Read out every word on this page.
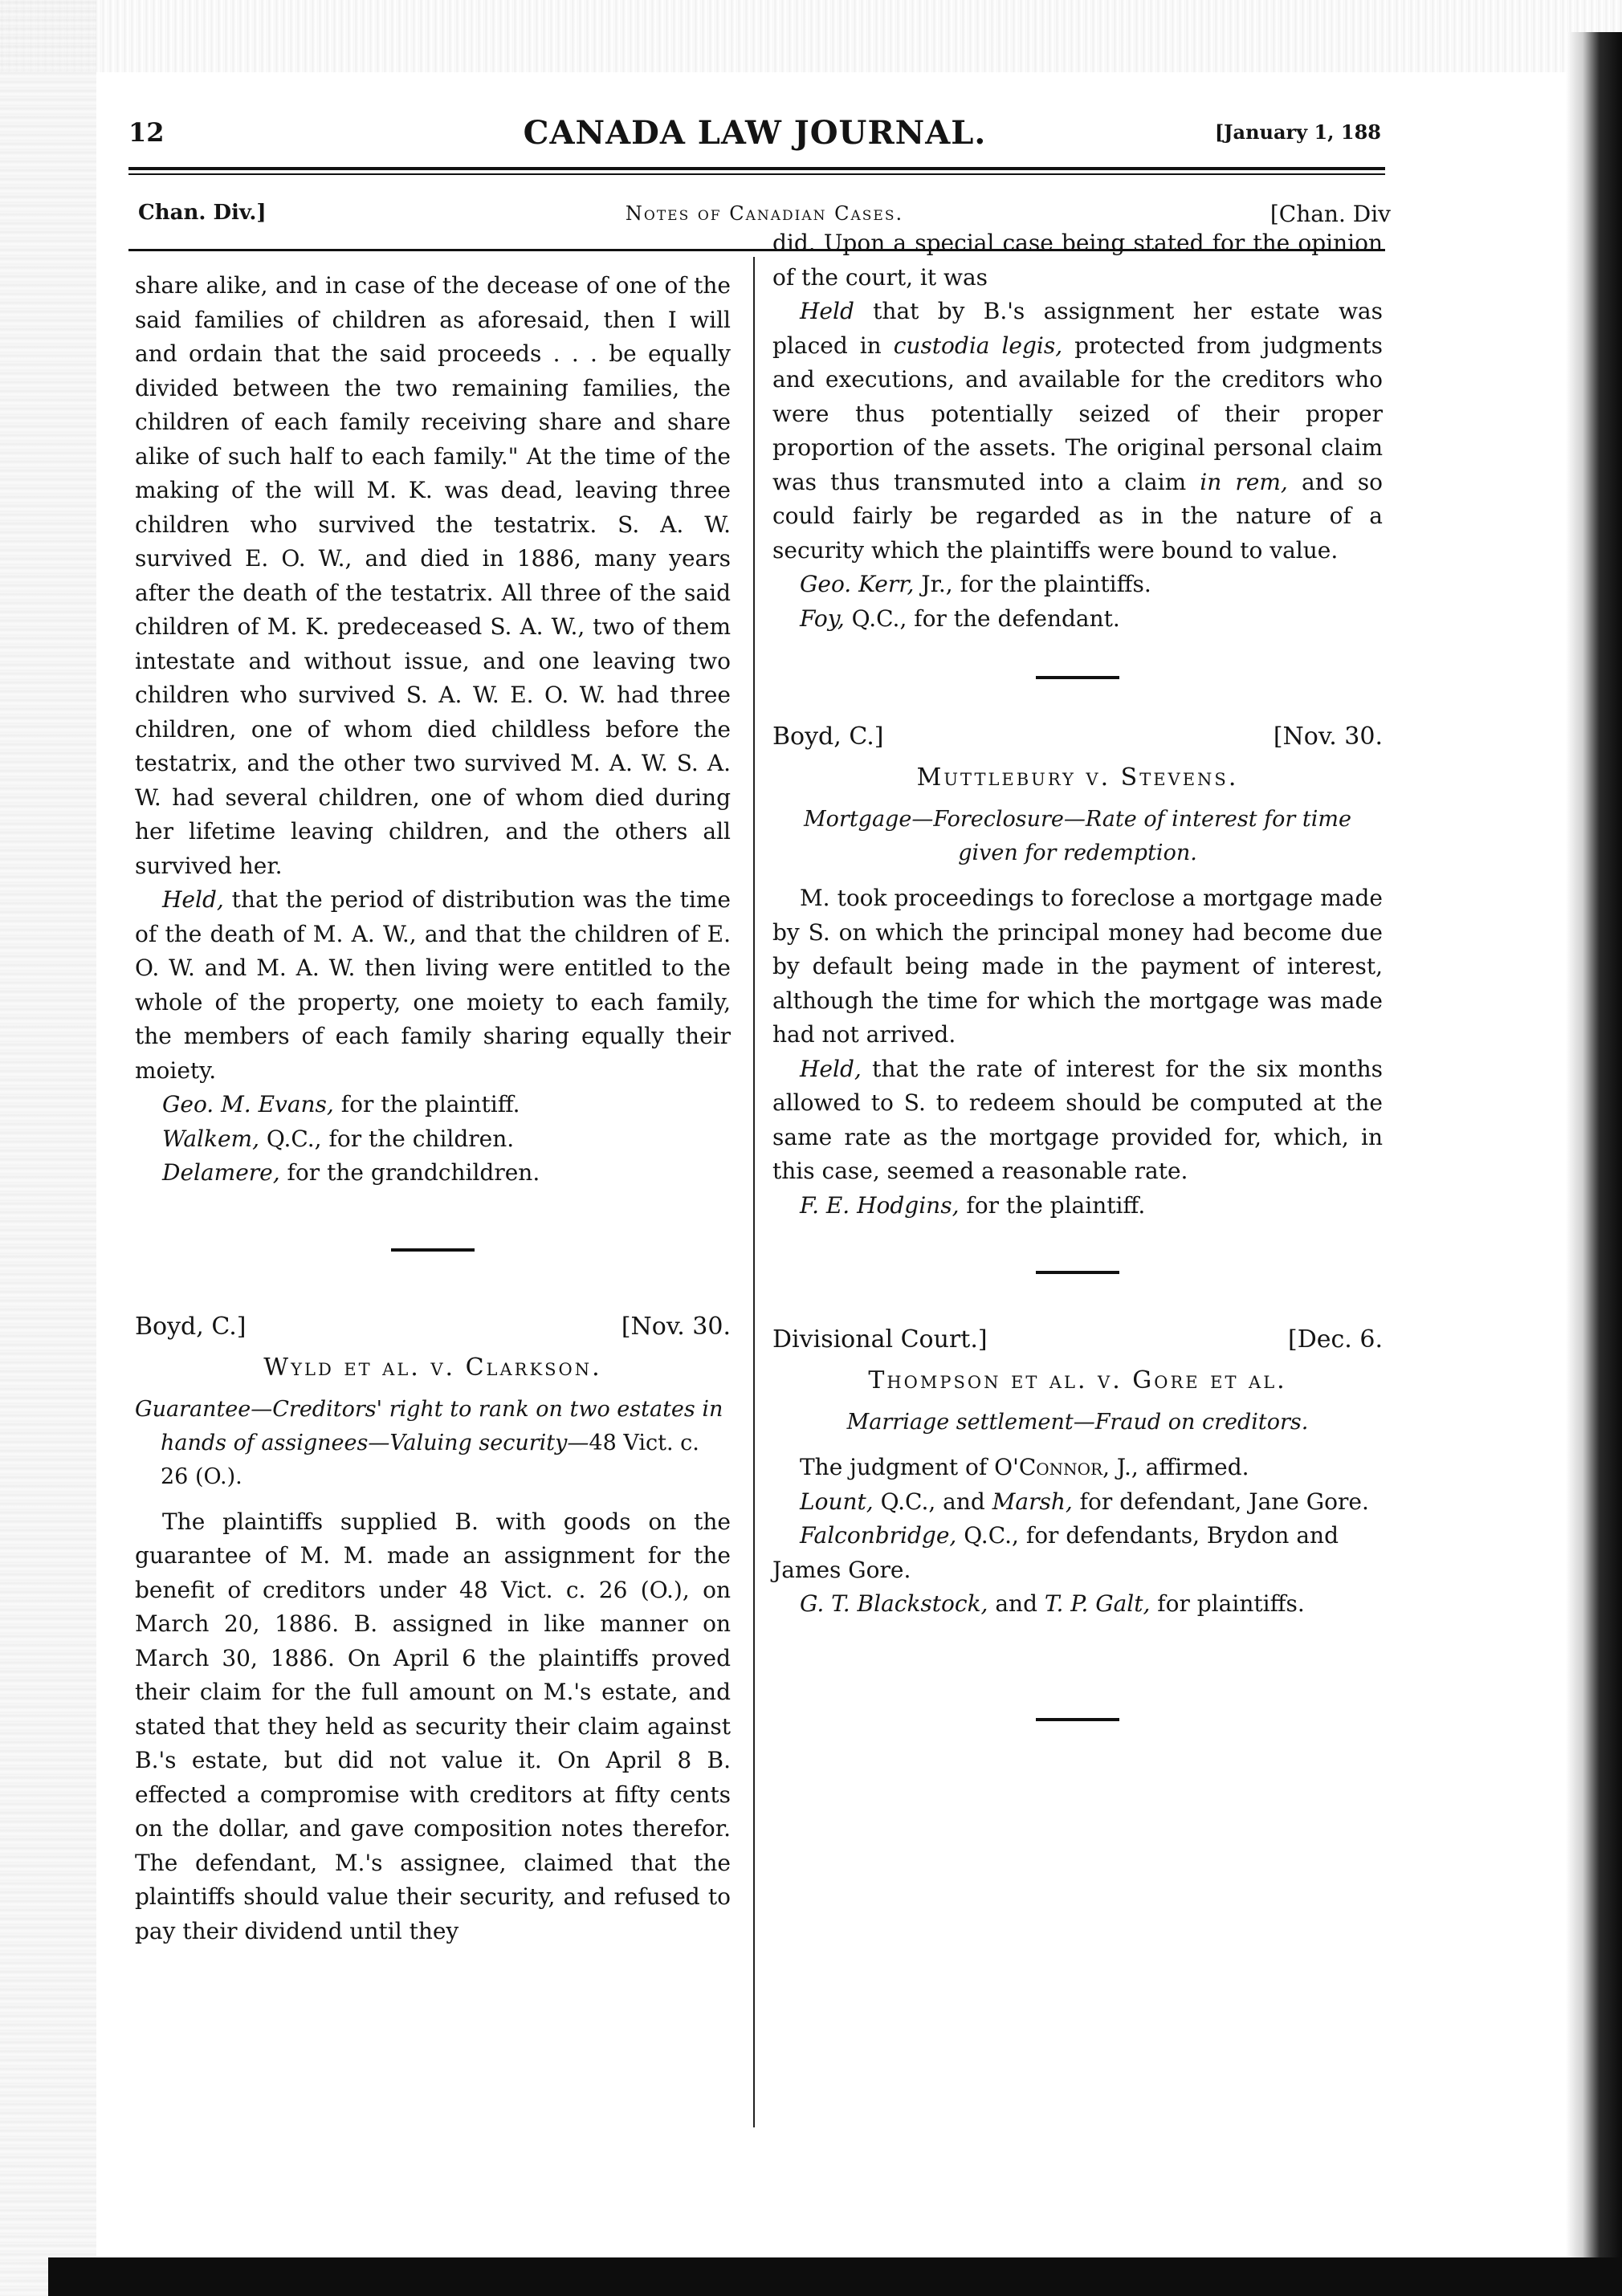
12	CANADA LAW JOURNAL.	[January 1, 188
Chan. Div.]	Notes of Canadian Cases.	[Chan. Div

share alike, and in case of the decease of one of the said families of children as aforesaid, then I will and ordain that the said proceeds . . . be equally divided between the two remaining families, the children of each family receiving share and share alike of such half to each family." At the time of the making of the will M. K. was dead, leaving three children who survived the testatrix. S. A. W. survived E. O. W., and died in 1886, many years after the death of the testatrix. All three of the said children of M. K. predeceased S. A. W., two of them intestate and without issue, and one leaving two children who survived S. A. W. E. O. W. had three children, one of whom died childless before the testatrix, and the other two survived M. A. W. S. A. W. had several children, one of whom died during her lifetime leaving children, and the others all survived her.

Held, that the period of distribution was the time of the death of M. A. W., and that the children of E. O. W. and M. A. W. then living were entitled to the whole of the property, one moiety to each family, the members of each family sharing equally their moiety.

Geo. M. Evans, for the plaintiff.

Walkem, Q.C., for the children.

Delamere, for the grandchildren.

Boyd, C.]	[Nov. 30.
Wyld et al. v. Clarkson.
Guarantee—Creditors' right to rank on two estates in hands of assignees—Valuing security—48 Vict. c. 26 (O.).

The plaintiffs supplied B. with goods on the guarantee of M. M. made an assignment for the benefit of creditors under 48 Vict. c. 26 (O.), on March 20, 1886. B. assigned in like manner on March 30, 1886. On April 6 the plaintiffs proved their claim for the full amount on M.'s estate, and stated that they held as security their claim against B.'s estate, but did not value it. On April 8 B. effected a compromise with creditors at fifty cents on the dollar, and gave composition notes therefor. The defendant, M.'s assignee, claimed that the plaintiffs should value their security, and refused to pay their dividend until they

did. Upon a special case being stated for the opinion of the court, it was

Held that by B.'s assignment her estate was placed in custodia legis, protected from judgments and executions, and available for the creditors who were thus potentially seized of their proper proportion of the assets. The original personal claim was thus transmuted into a claim in rem, and so could fairly be regarded as in the nature of a security which the plaintiffs were bound to value.

Geo. Kerr, Jr., for the plaintiffs.

Foy, Q.C., for the defendant.

Boyd, C.]	[Nov. 30.
Muttlebury v. Stevens.
Mortgage—Foreclosure—Rate of interest for time given for redemption.

M. took proceedings to foreclose a mortgage made by S. on which the principal money had become due by default being made in the payment of interest, although the time for which the mortgage was made had not arrived.

Held, that the rate of interest for the six months allowed to S. to redeem should be computed at the same rate as the mortgage provided for, which, in this case, seemed a reasonable rate.

F. E. Hodgins, for the plaintiff.

Divisional Court.]	[Dec. 6.
Thompson et al. v. Gore et al.
Marriage settlement—Fraud on creditors.

The judgment of O'Connor, J., affirmed.

Lount, Q.C., and Marsh, for defendant, Jane Gore.

Falconbridge, Q.C., for defendants, Brydon and James Gore.

G. T. Blackstock, and T. P. Galt, for plaintiffs.
